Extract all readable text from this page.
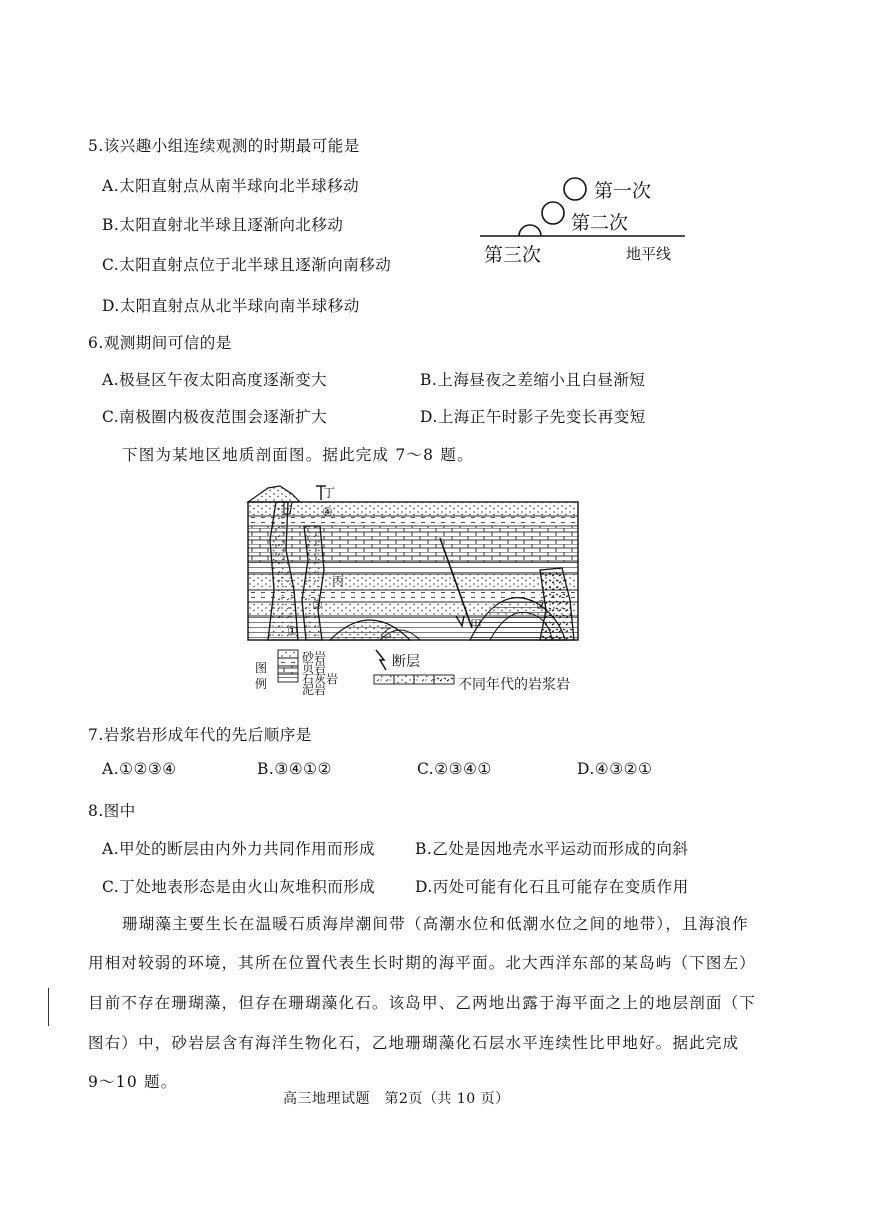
5.该兴趣小组连续观测的时期最可能是
A.太阳直射点从南半球向北半球移动
B.太阳直射北半球且逐渐向北移动
C.太阳直射点位于北半球且逐渐向南移动
D.太阳直射点从北半球向南半球移动
第一次
第二次
第三次	地平线
6.观测期间可信的是
A.极昼区午夜太阳高度逐渐变大	B.上海昼夜之差缩小且白昼渐短
C.南极圈内极夜范围会逐渐扩大	D.上海正午时影子先变长再变短
下图为某地区地质剖面图。据此完成 7～8 题。
丁
④
丙
③
①	乙
甲
②
图
例
砂岩
页岩
石灰岩
泥岩
断层
不同年代的岩浆岩
7.岩浆岩形成年代的先后顺序是
A.①②③④	B.③④①②	C.②③④①	D.④③②①
8.图中
A.甲处的断层由内外力共同作用而形成	B.乙处是因地壳水平运动而形成的向斜
C.丁处地表形态是由火山灰堆积而形成	D.丙处可能有化石且可能存在变质作用
珊瑚藻主要生长在温暖石质海岸潮间带（高潮水位和低潮水位之间的地带），且海浪作
用相对较弱的环境，其所在位置代表生长时期的海平面。北大西洋东部的某岛屿（下图左）
目前不存在珊瑚藻，但存在珊瑚藻化石。该岛甲、乙两地出露于海平面之上的地层剖面（下
图右）中，砂岩层含有海洋生物化石，乙地珊瑚藻化石层水平连续性比甲地好。据此完成
9～10 题。
高三地理试题　第2页（共 10 页）
